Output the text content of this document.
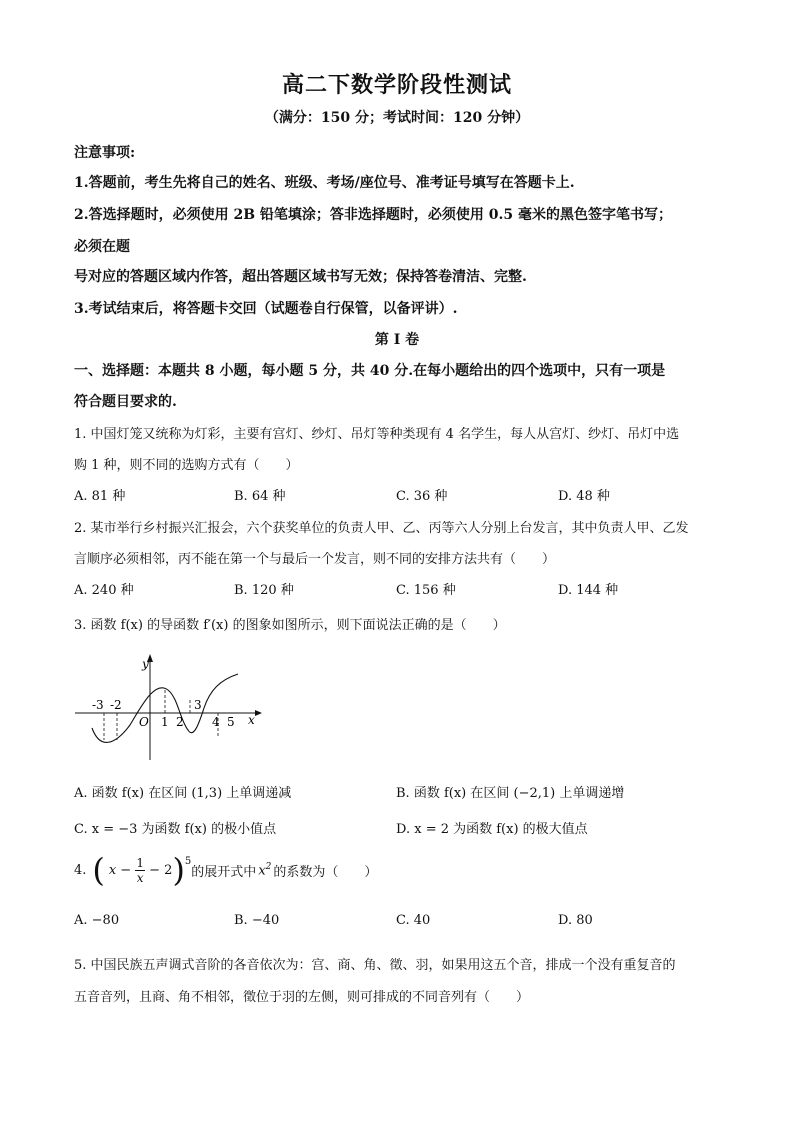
高二下数学阶段性测试
（满分：150 分；考试时间：120 分钟）
注意事项:
1.答题前，考生先将自己的姓名、班级、考场/座位号、准考证号填写在答题卡上.
2.答选择题时，必须使用 2B 铅笔填涂；答非选择题时，必须使用 0.5 毫米的黑色签字笔书写；
必须在题
号对应的答题区域内作答，超出答题区域书写无效；保持答卷清洁、完整.
3.考试结束后，将答题卡交回（试题卷自行保管，以备评讲）.
第 I 卷
一、选择题：本题共 8 小题，每小题 5 分，共 40 分.在每小题给出的四个选项中，只有一项是
符合题目要求的.
1. 中国灯笼又统称为灯彩，主要有宫灯、纱灯、吊灯等种类现有 4 名学生，每人从宫灯、纱灯、吊灯中选
购 1 种，则不同的选购方式有（　　）
A. 81 种	B. 64 种	C. 36 种	D. 48 种
2. 某市举行乡村振兴汇报会，六个获奖单位的负责人甲、乙、丙等六人分别上台发言，其中负责人甲、乙发
言顺序必须相邻，丙不能在第一个与最后一个发言，则不同的安排方法共有（　　）
A. 240 种	B. 120 种	C. 156 种	D. 144 种
3. 函数 f(x) 的导函数 f′(x) 的图象如图所示，则下面说法正确的是（　　）
y
x
O
-3 -2
1 2
3
4 5
A. 函数 f(x) 在区间 (1,3) 上单调递减	B. 函数 f(x) 在区间 (−2,1) 上单调递增
C. x = −3 为函数 f(x) 的极小值点	D. x = 2 为函数 f(x) 的极大值点
4. ( $x - \frac{1}{x} - 2$ ) 5
的展开式中 $x^2$ 的系数为（　　）
A. −80	B. −40	C. 40	D. 80
5. 中国民族五声调式音阶的各音依次为：宫、商、角、徵、羽，如果用这五个音，排成一个没有重复音的
五音音列，且商、角不相邻，徵位于羽的左侧，则可排成的不同音列有（　　）
